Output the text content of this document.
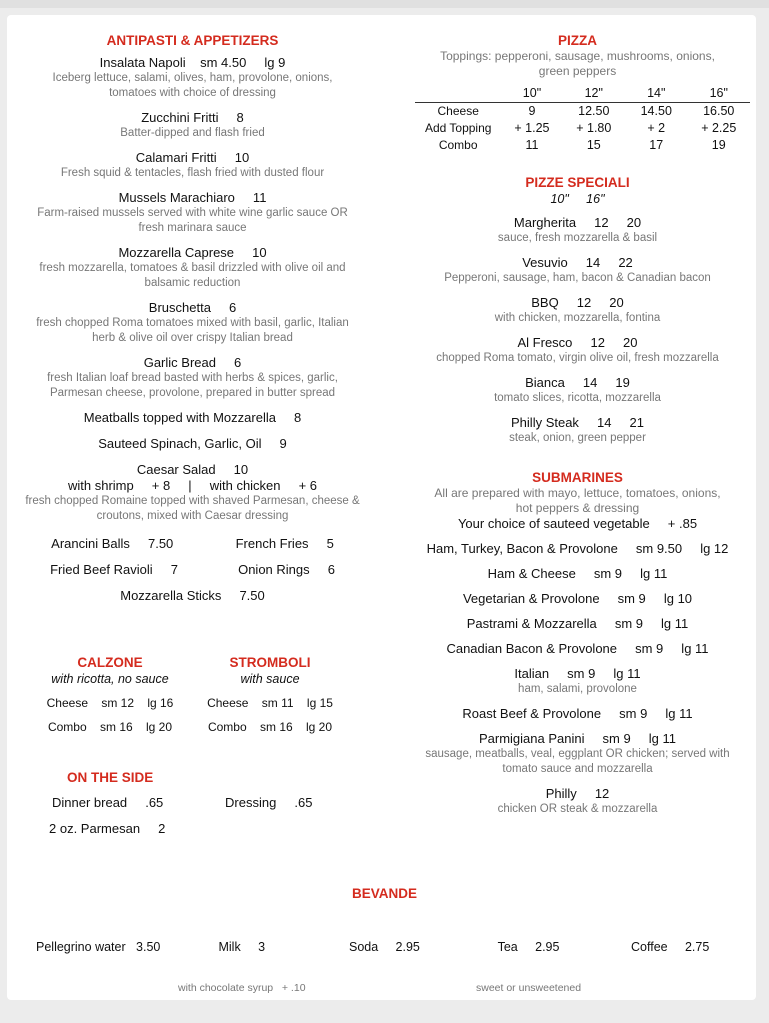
ANTIPASTI & APPETIZERS

Insalata Napoli    sm 4.50     lg 9

Iceberg lettuce, salami, olives, ham, provolone, onions, tomatoes with choice of dressing

Zucchini Fritti     8

Batter-dipped and flash fried

Calamari Fritti     10

Fresh squid & tentacles, flash fried with dusted flour

Mussels Marachiaro     11

Farm-raised mussels served with white wine garlic sauce OR fresh marinara sauce

Mozzarella Caprese     10

fresh mozzarella, tomatoes & basil drizzled with olive oil and balsamic reduction

Bruschetta     6

fresh chopped Roma tomatoes mixed with basil, garlic, Italian herb & olive oil over crispy Italian bread

Garlic Bread     6

fresh Italian loaf bread basted with herbs & spices, garlic, Parmesan cheese, provolone, prepared in butter spread

Meatballs topped with Mozzarella     8

Sauteed Spinach, Garlic, Oil     9

Caesar Salad     10

with shrimp     + 8     |     with chicken     + 6

fresh chopped Romaine topped with shaved Parmesan, cheese & croutons, mixed with Caesar dressing

Arancini Balls     7.50	French Fries     5
Fried Beef Ravioli     7	Onion Rings     6

Mozzarella Sticks     7.50

CALZONE

with ricotta, no sauce

Cheese    sm 12    lg 16

Combo    sm 16    lg 20

STROMBOLI

with sauce

Cheese    sm 11    lg 15

Combo    sm 16    lg 20

ON THE SIDE

Dinner bread     .65	Dressing     .65
2 oz. Parmesan     2

PIZZA

Toppings: pepperoni, sausage, mushrooms, onions, green peppers

	10"	12"	14"	16"
Cheese	9	12.50	14.50	16.50
Add Topping	+ 1.25	+ 1.80	+ 2	+ 2.25
Combo	11	15	17	19

PIZZE SPECIALI

10"     16"

Margherita     12     20

sauce, fresh mozzarella & basil

Vesuvio     14     22

Pepperoni, sausage, ham, bacon & Canadian bacon

BBQ     12     20

with chicken, mozzarella, fontina

Al Fresco     12     20

chopped Roma tomato, virgin olive oil, fresh mozzarella

Bianca     14     19

tomato slices, ricotta, mozzarella

Philly Steak     14     21

steak, onion, green pepper

SUBMARINES

All are prepared with mayo, lettuce, tomatoes, onions, hot peppers & dressing

Your choice of sauteed vegetable     + .85

Ham, Turkey, Bacon & Provolone     sm 9.50     lg 12

Ham & Cheese     sm 9     lg 11

Vegetarian & Provolone     sm 9     lg 10

Pastrami & Mozzarella     sm 9     lg 11

Canadian Bacon & Provolone     sm 9     lg 11

Italian     sm 9     lg 11

ham, salami, provolone

Roast Beef & Provolone     sm 9     lg 11

Parmigiana Panini     sm 9     lg 11

sausage, meatballs, veal, eggplant OR chicken; served with tomato sauce and mozzarella

Philly     12

chicken OR steak & mozzarella

BEVANDE

Pellegrino water   3.50

	Milk     3

with chocolate syrup   + .10

Soda     2.95

	Tea     2.95

sweet or unsweetened

Coffee     2.75
